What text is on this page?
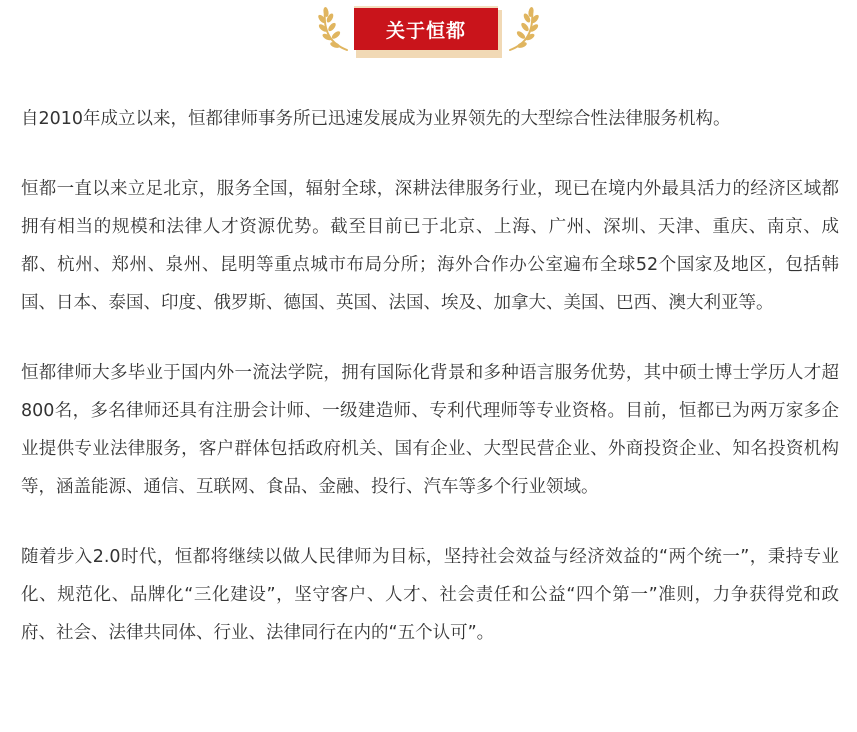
关于恒都

自2010年成立以来，恒都律师事务所已迅速发展成为业界领先的大型综合性法律服务机构。

恒都一直以来立足北京，服务全国，辐射全球，深耕法律服务行业，现已在境内外最具活力的经济区域都拥有相当的规模和法律人才资源优势。截至目前已于北京、上海、广州、深圳、天津、重庆、南京、成都、杭州、郑州、泉州、昆明等重点城市布局分所；海外合作办公室遍布全球52个国家及地区，包括韩国、日本、泰国、印度、俄罗斯、德国、英国、法国、埃及、加拿大、美国、巴西、澳大利亚等。

恒都律师大多毕业于国内外一流法学院，拥有国际化背景和多种语言服务优势，其中硕士博士学历人才超800名，多名律师还具有注册会计师、一级建造师、专利代理师等专业资格。目前，恒都已为两万家多企业提供专业法律服务，客户群体包括政府机关、国有企业、大型民营企业、外商投资企业、知名投资机构等，涵盖能源、通信、互联网、食品、金融、投行、汽车等多个行业领域。

随着步入2.0时代，恒都将继续以做人民律师为目标，坚持社会效益与经济效益的“两个统一”，秉持专业化、规范化、品牌化“三化建设”，坚守客户、人才、社会责任和公益“四个第一”准则，力争获得党和政府、社会、法律共同体、行业、法律同行在内的“五个认可”。
